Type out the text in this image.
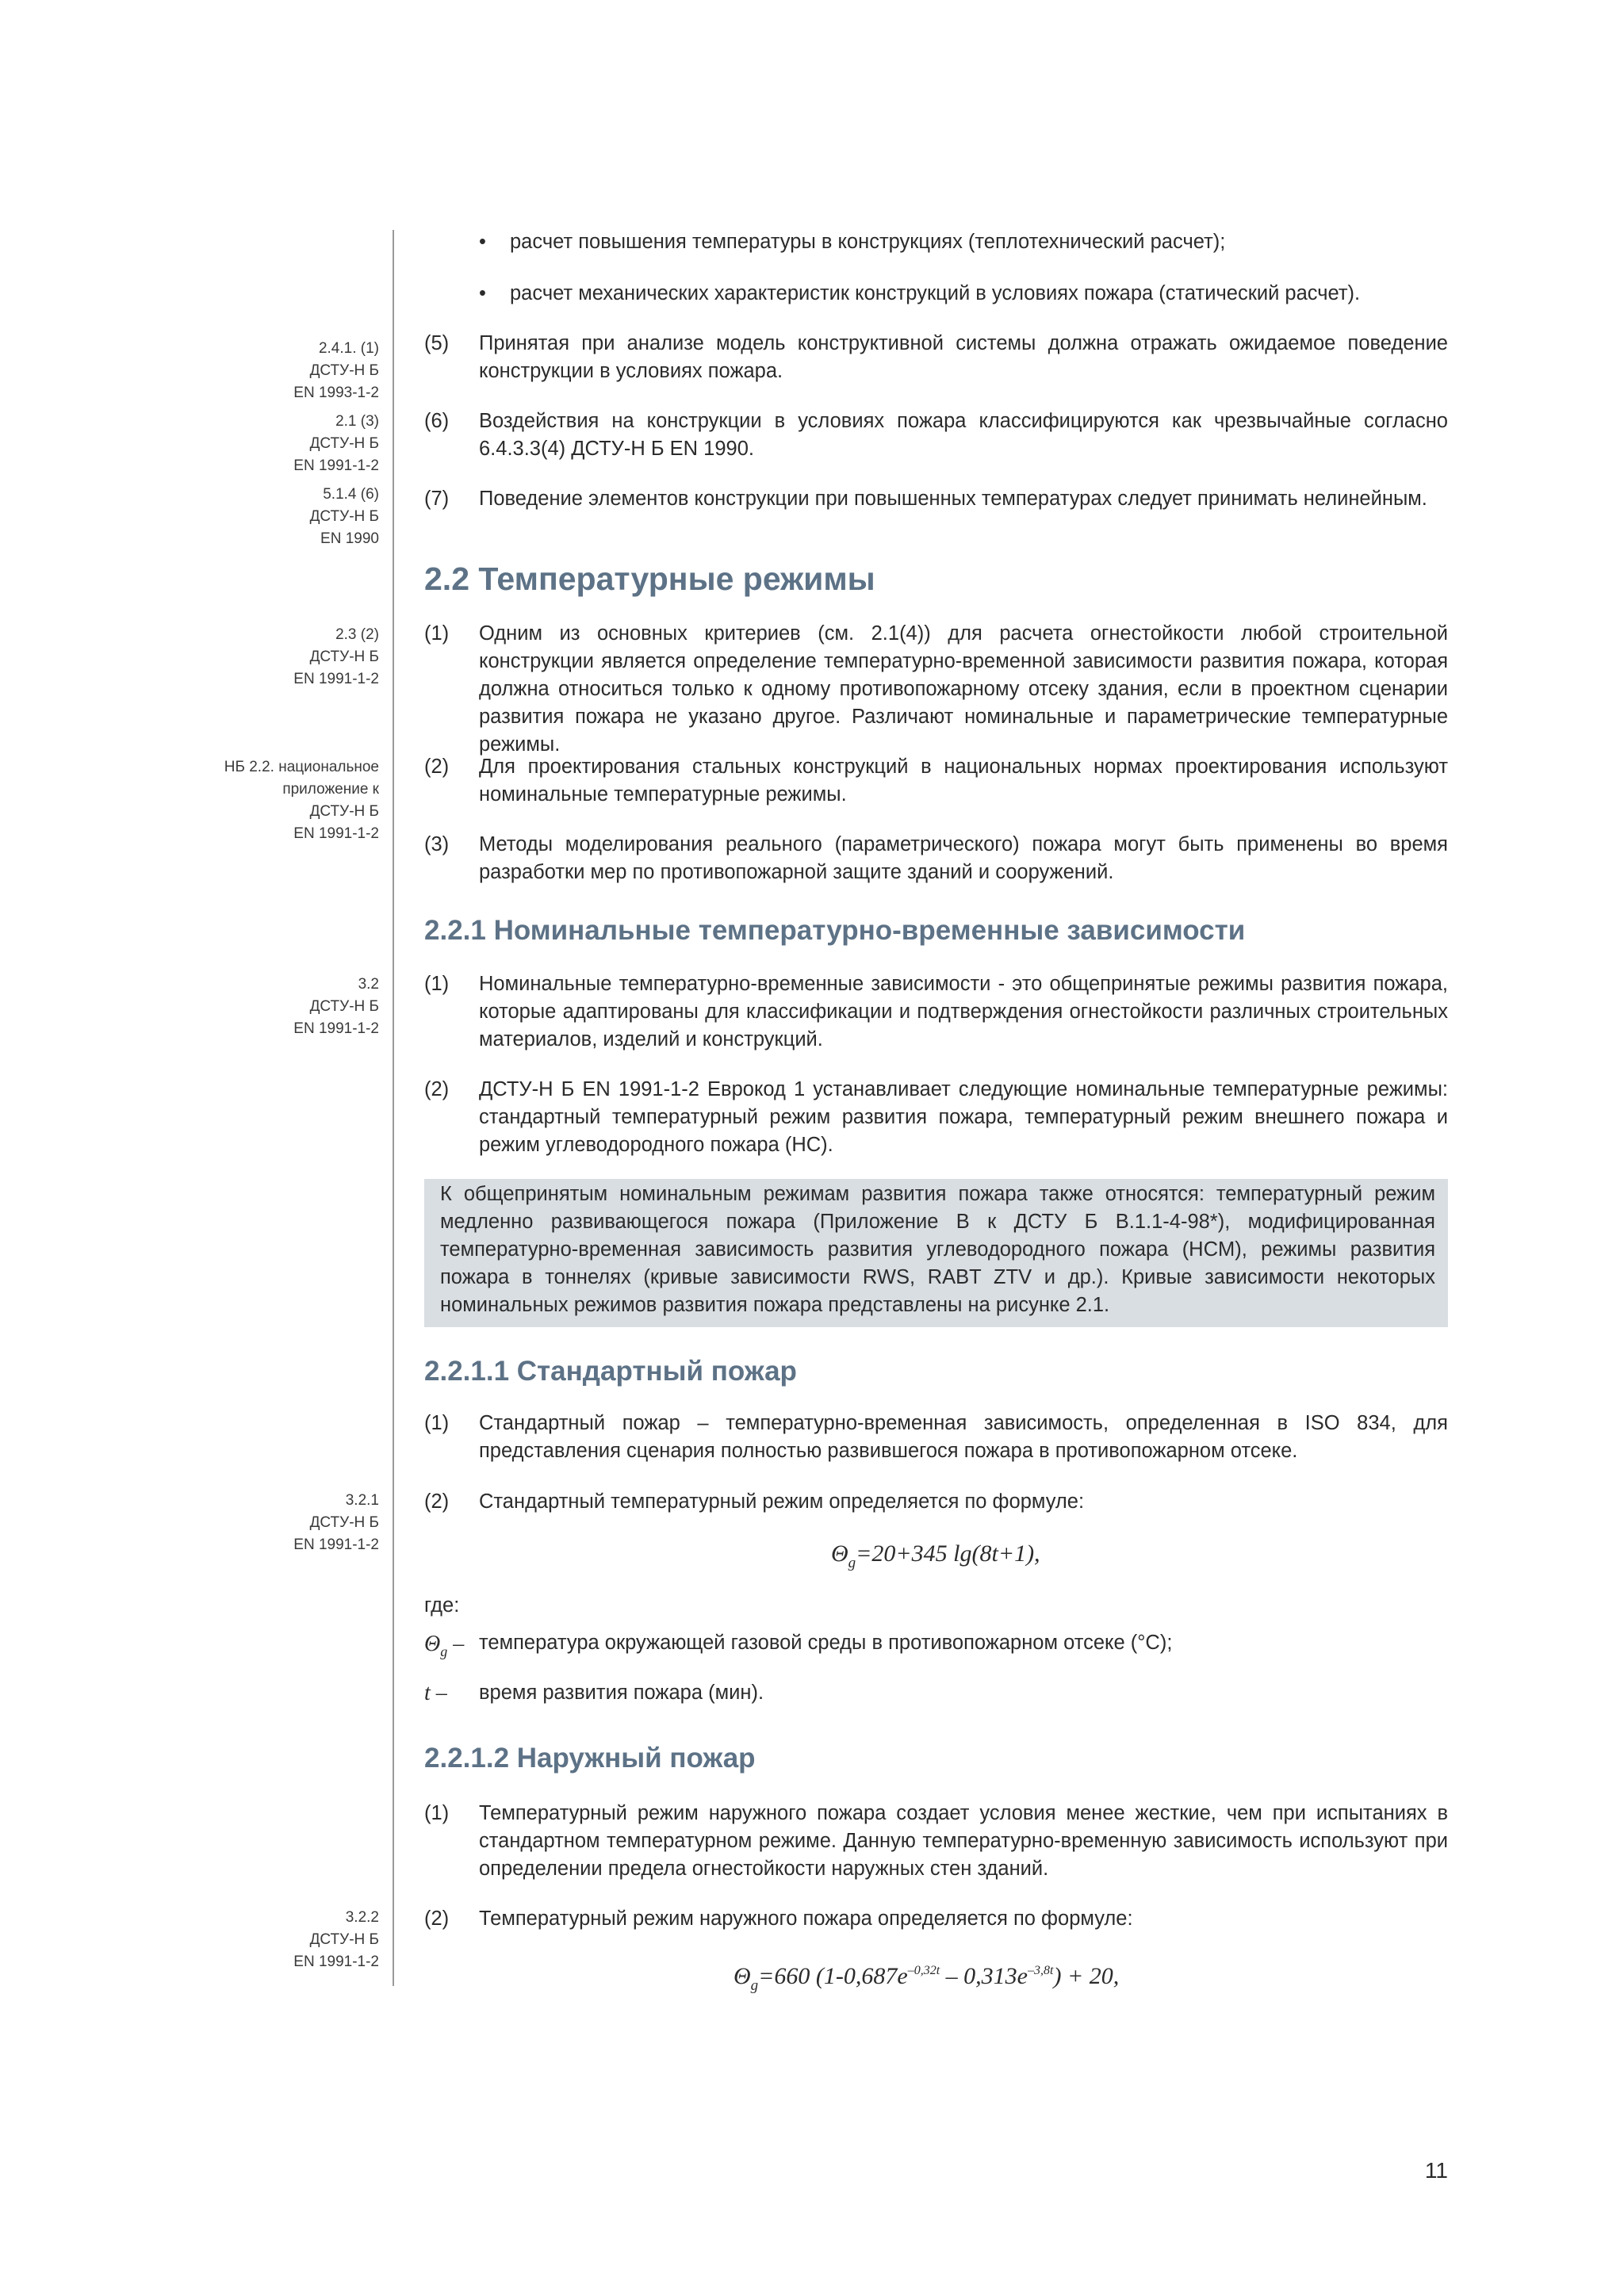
• расчет повышения температуры в конструкциях (теплотехнический расчет);
• расчет механических характеристик конструкций в условиях пожара (статический расчет).
2.4.1. (1)
ДСТУ-Н Б
EN 1993-1-2
2.1 (3)
ДСТУ-Н Б
EN 1991-1-2
5.1.4 (6)
ДСТУ-Н Б
EN 1990
2.3 (2)
ДСТУ-Н Б
EN 1991-1-2
НБ 2.2. национальное
приложение к
ДСТУ-Н Б
EN 1991-1-2
3.2
ДСТУ-Н Б
EN 1991-1-2
3.2.1
ДСТУ-Н Б
EN 1991-1-2
3.2.2
ДСТУ-Н Б
EN 1991-1-2
(5) Принятая при анализе модель конструктивной системы должна отражать ожидаемое поведение конструкции в условиях пожара.
(6) Воздействия на конструкции в условиях пожара классифицируются как чрезвычайные согласно 6.4.3.3(4) ДСТУ-Н Б EN 1990.
(7) Поведение элементов конструкции при повышенных температурах следует принимать нелинейным.
2.2 Температурные режимы
(1) Одним из основных критериев (см. 2.1(4)) для расчета огнестойкости любой строительной конструкции является определение температурно-временной зависимости развития пожара, которая должна относиться только к одному противопожарному отсеку здания, если в проектном сценарии развития пожара не указано другое. Различают номинальные и параметрические температурные режимы.
(2) Для проектирования стальных конструкций в национальных нормах проектирования используют номинальные температурные режимы.
(3) Методы моделирования реального (параметрического) пожара могут быть применены во время разработки мер по противопожарной защите зданий и сооружений.
2.2.1 Номинальные температурно-временные зависимости
(1) Номинальные температурно-временные зависимости - это общепринятые режимы развития пожара, которые адаптированы для классификации и подтверждения огнестойкости различных строительных материалов, изделий и конструкций.
(2) ДСТУ-Н Б EN 1991-1-2 Еврокод 1 устанавливает следующие номинальные температурные режимы: стандартный температурный режим развития пожара, температурный режим внешнего пожара и режим углеводородного пожара (HC).
К общепринятым номинальным режимам развития пожара также относятся: температурный режим медленно развивающегося пожара (Приложение В к ДСТУ Б В.1.1-4-98*), модифицированная температурно-временная зависимость развития углеводородного пожара (HCM), режимы развития пожара в тоннелях (кривые зависимости RWS, RABT ZTV и др.). Кривые зависимости некоторых номинальных режимов развития пожара представлены на рисунке 2.1.
2.2.1.1 Стандартный пожар
(1) Стандартный пожар – температурно-временная зависимость, определенная в ISO 834, для представления сценария полностью развившегося пожара в противопожарном отсеке.
(2) Стандартный температурный режим определяется по формуле:
$\Theta_g=20+345$ lg(8t+1),
где:
$\Theta_g$ – температура окружающей газовой среды в противопожарном отсеке (°С);
t – время развития пожара (мин).
2.2.1.2 Наружный пожар
(1) Температурный режим наружного пожара создает условия менее жесткие, чем при испытаниях в стандартном температурном режиме. Данную температурно-временную зависимость используют при определении предела огнестойкости наружных стен зданий.
(2) Температурный режим наружного пожара определяется по формуле:
$\Theta_g=660$ $(1-0,687e^{-0,32t} - 0,313e^{-3,8t}) + 20$,
11
